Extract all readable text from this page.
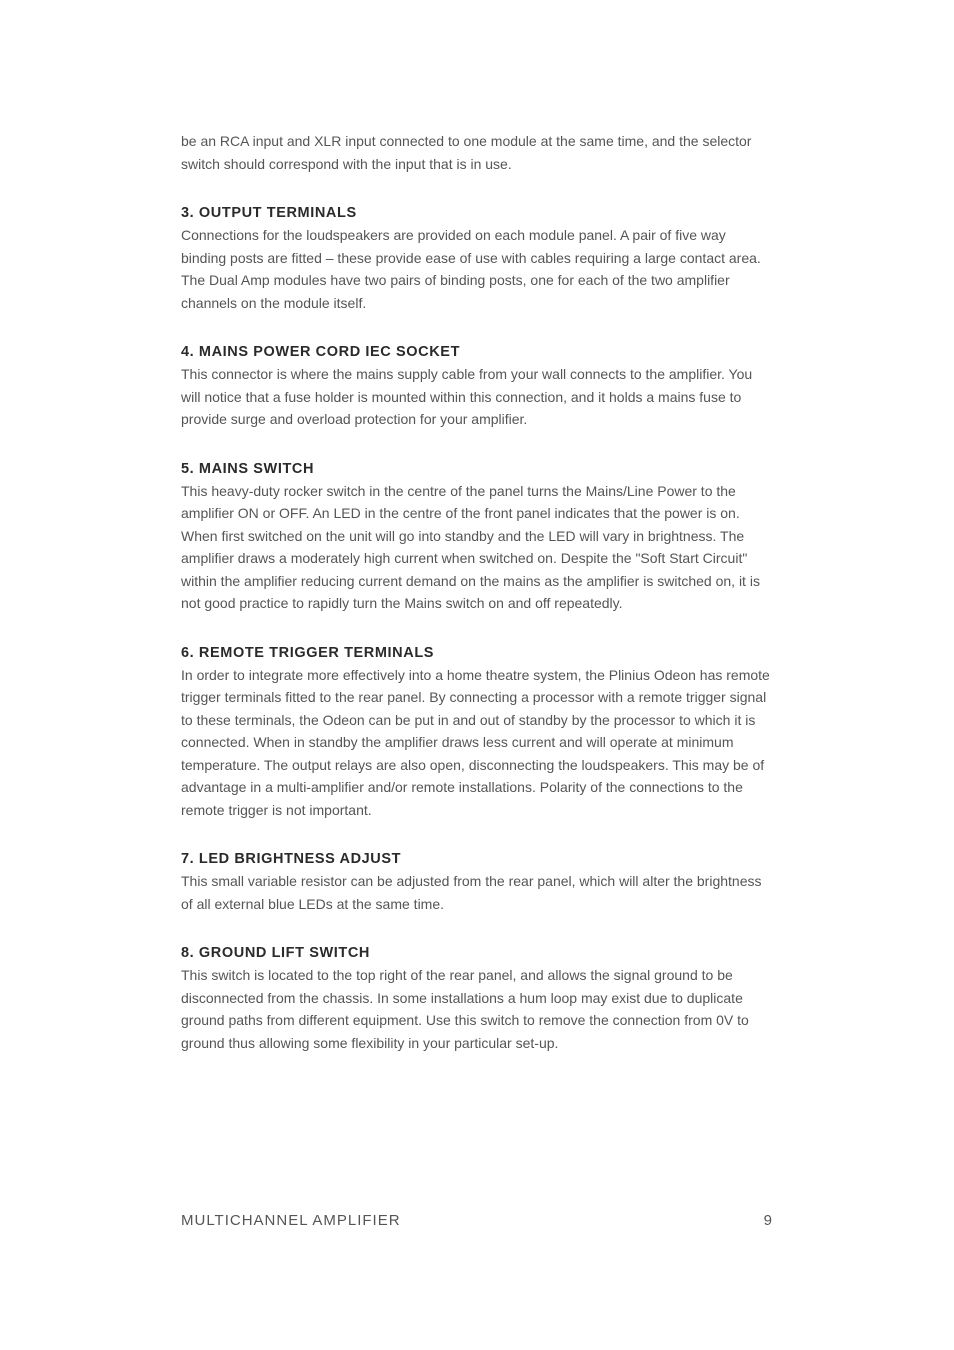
be an RCA input and XLR input connected to one module at the same time, and the selector switch should correspond with the input that is in use.

3. OUTPUT TERMINALS

Connections for the loudspeakers are provided on each module panel. A pair of five way binding posts are fitted – these provide ease of use with cables requiring a large contact area. The Dual Amp modules have two pairs of binding posts, one for each of the two amplifier channels on the module itself.

4. MAINS POWER CORD IEC SOCKET

This connector is where the mains supply cable from your wall connects to the amplifier. You will notice that a fuse holder is mounted within this connection, and it holds a mains fuse to provide surge and overload protection for your amplifier.

5. MAINS SWITCH

This heavy-duty rocker switch in the centre of the panel turns the Mains/Line Power to the amplifier ON or OFF. An LED in the centre of the front panel indicates that the power is on. When first switched on the unit will go into standby and the LED will vary in brightness. The amplifier draws a moderately high current when switched on. Despite the "Soft Start Circuit" within the amplifier reducing current demand on the mains as the amplifier is switched on, it is not good practice to rapidly turn the Mains switch on and off repeatedly.

6. REMOTE TRIGGER TERMINALS

In order to integrate more effectively into a home theatre system, the Plinius Odeon has remote trigger terminals fitted to the rear panel. By connecting a processor with a remote trigger signal to these terminals, the Odeon can be put in and out of standby by the processor to which it is connected. When in standby the amplifier draws less current and will operate at minimum temperature. The output relays are also open, disconnecting the loudspeakers. This may be of advantage in a multi-amplifier and/or remote installations. Polarity of the connections to the remote trigger is not important.

7. LED BRIGHTNESS ADJUST

This small variable resistor can be adjusted from the rear panel, which will alter the brightness of all external blue LEDs at the same time.

8. GROUND LIFT SWITCH

This switch is located to the top right of the rear panel, and allows the signal ground to be disconnected from the chassis. In some installations a hum loop may exist due to duplicate ground paths from different equipment. Use this switch to remove the connection from 0V to ground thus allowing some flexibility in your particular set-up.

MULTICHANNEL AMPLIFIER	9
